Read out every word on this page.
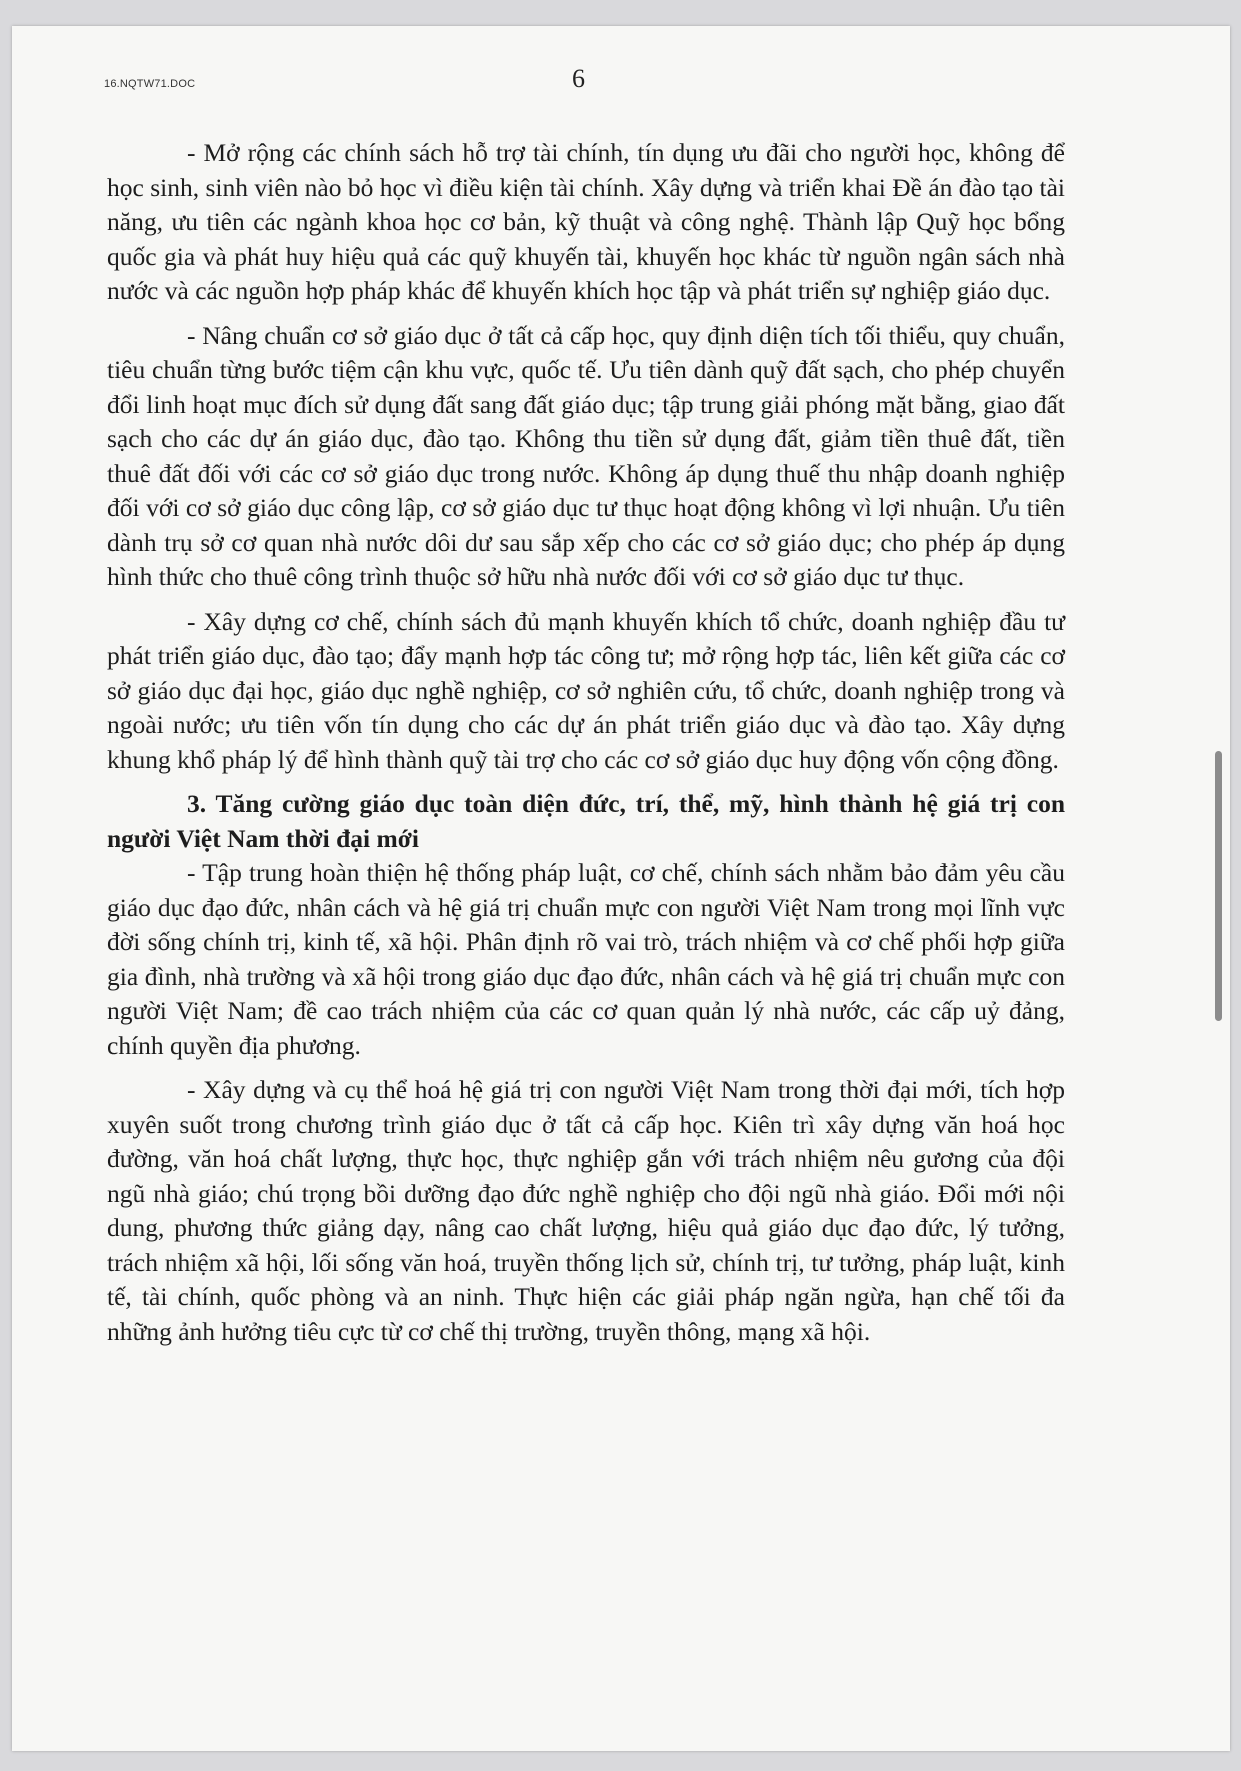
16.NQTW71.DOC	6

- Mở rộng các chính sách hỗ trợ tài chính, tín dụng ưu đãi cho người học, không để học sinh, sinh viên nào bỏ học vì điều kiện tài chính. Xây dựng và triển khai Đề án đào tạo tài năng, ưu tiên các ngành khoa học cơ bản, kỹ thuật và công nghệ. Thành lập Quỹ học bổng quốc gia và phát huy hiệu quả các quỹ khuyến tài, khuyến học khác từ nguồn ngân sách nhà nước và các nguồn hợp pháp khác để khuyến khích học tập và phát triển sự nghiệp giáo dục.

- Nâng chuẩn cơ sở giáo dục ở tất cả cấp học, quy định diện tích tối thiểu, quy chuẩn, tiêu chuẩn từng bước tiệm cận khu vực, quốc tế. Ưu tiên dành quỹ đất sạch, cho phép chuyển đổi linh hoạt mục đích sử dụng đất sang đất giáo dục; tập trung giải phóng mặt bằng, giao đất sạch cho các dự án giáo dục, đào tạo. Không thu tiền sử dụng đất, giảm tiền thuê đất, tiền thuê đất đối với các cơ sở giáo dục trong nước. Không áp dụng thuế thu nhập doanh nghiệp đối với cơ sở giáo dục công lập, cơ sở giáo dục tư thục hoạt động không vì lợi nhuận. Ưu tiên dành trụ sở cơ quan nhà nước dôi dư sau sắp xếp cho các cơ sở giáo dục; cho phép áp dụng hình thức cho thuê công trình thuộc sở hữu nhà nước đối với cơ sở giáo dục tư thục.

- Xây dựng cơ chế, chính sách đủ mạnh khuyến khích tổ chức, doanh nghiệp đầu tư phát triển giáo dục, đào tạo; đẩy mạnh hợp tác công tư; mở rộng hợp tác, liên kết giữa các cơ sở giáo dục đại học, giáo dục nghề nghiệp, cơ sở nghiên cứu, tổ chức, doanh nghiệp trong và ngoài nước; ưu tiên vốn tín dụng cho các dự án phát triển giáo dục và đào tạo. Xây dựng khung khổ pháp lý để hình thành quỹ tài trợ cho các cơ sở giáo dục huy động vốn cộng đồng.

3. Tăng cường giáo dục toàn diện đức, trí, thể, mỹ, hình thành hệ giá trị con người Việt Nam thời đại mới

- Tập trung hoàn thiện hệ thống pháp luật, cơ chế, chính sách nhằm bảo đảm yêu cầu giáo dục đạo đức, nhân cách và hệ giá trị chuẩn mực con người Việt Nam trong mọi lĩnh vực đời sống chính trị, kinh tế, xã hội. Phân định rõ vai trò, trách nhiệm và cơ chế phối hợp giữa gia đình, nhà trường và xã hội trong giáo dục đạo đức, nhân cách và hệ giá trị chuẩn mực con người Việt Nam; đề cao trách nhiệm của các cơ quan quản lý nhà nước, các cấp uỷ đảng, chính quyền địa phương.

- Xây dựng và cụ thể hoá hệ giá trị con người Việt Nam trong thời đại mới, tích hợp xuyên suốt trong chương trình giáo dục ở tất cả cấp học. Kiên trì xây dựng văn hoá học đường, văn hoá chất lượng, thực học, thực nghiệp gắn với trách nhiệm nêu gương của đội ngũ nhà giáo; chú trọng bồi dưỡng đạo đức nghề nghiệp cho đội ngũ nhà giáo. Đổi mới nội dung, phương thức giảng dạy, nâng cao chất lượng, hiệu quả giáo dục đạo đức, lý tưởng, trách nhiệm xã hội, lối sống văn hoá, truyền thống lịch sử, chính trị, tư tưởng, pháp luật, kinh tế, tài chính, quốc phòng và an ninh. Thực hiện các giải pháp ngăn ngừa, hạn chế tối đa những ảnh hưởng tiêu cực từ cơ chế thị trường, truyền thông, mạng xã hội.
